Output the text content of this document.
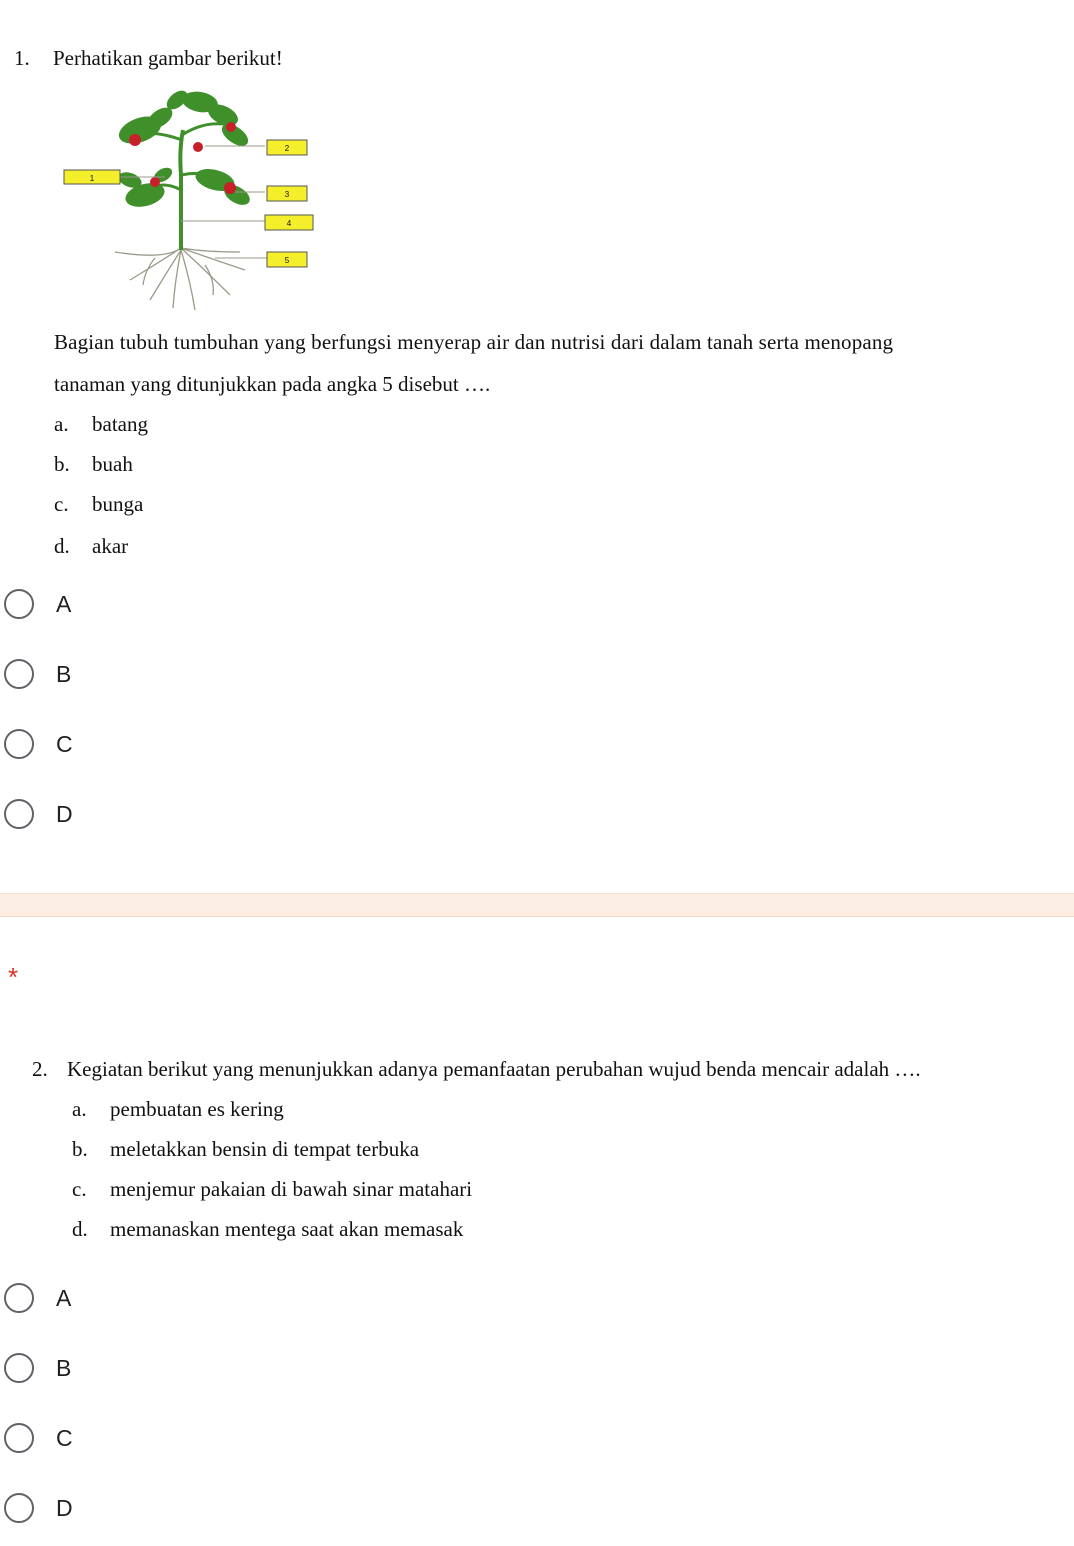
1. Perhatikan gambar berikut!
1
2
3
4
5
Bagian tubuh tumbuhan yang berfungsi menyerap air dan nutrisi dari dalam tanah serta menopang
tanaman yang ditunjukkan pada angka 5 disebut ….
a.	batang
b.	buah
c.	bunga
d.	akar
A
B
C
D
*
2. Kegiatan berikut yang menunjukkan adanya pemanfaatan perubahan wujud benda mencair adalah ….
a.	pembuatan es kering
b.	meletakkan bensin di tempat terbuka
c.	menjemur pakaian di bawah sinar matahari
d.	memanaskan mentega saat akan memasak
A
B
C
D
